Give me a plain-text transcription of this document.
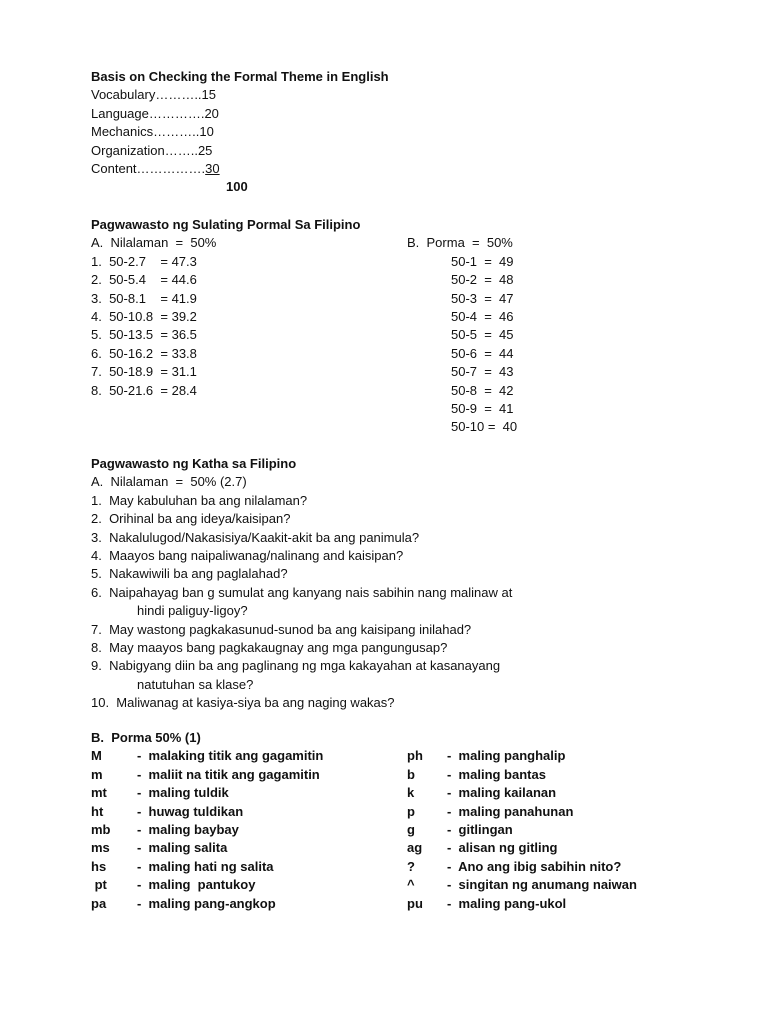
Basis on Checking the Formal Theme in English
Vocabulary………..15
Language………….20
Mechanics………..10
Organization……..25
Content…………….30
100
Pagwawasto ng Sulating Pormal Sa Filipino
A.  Nilalaman  =  50%	B.  Porma  =  50%
1.  50-2.7    = 47.3	50-1  =  49
2.  50-5.4    = 44.6	50-2  =  48
3.  50-8.1    = 41.9	50-3  =  47
4.  50-10.8  = 39.2	50-4  =  46
5.  50-13.5  = 36.5	50-5  =  45
6.  50-16.2  = 33.8	50-6  =  44
7.  50-18.9  = 31.1	50-7  =  43
8.  50-21.6  = 28.4	50-8  =  42
50-9  =  41
50-10 =  40
Pagwawasto ng Katha sa Filipino
A.  Nilalaman  =  50% (2.7)
1.  May kabuluhan ba ang nilalaman?
2.  Orihinal ba ang ideya/kaisipan?
3.  Nakalulugod/Nakasisiya/Kaakit-akit ba ang panimula?
4.  Maayos bang naipaliwanag/nalinang and kaisipan?
5.  Nakawiwili ba ang paglalahad?
6.  Naipahayag ban g sumulat ang kanyang nais sabihin nang malinaw at
hindi paliguy-ligoy?
7.  May wastong pagkakasunud-sunod ba ang kaisipang inilahad?
8.  May maayos bang pagkakaugnay ang mga pangungusap?
9.  Nabigyang diin ba ang paglinang ng mga kakayahan at kasanayang
natutuhan sa klase?
10.  Maliwanag at kasiya-siya ba ang naging wakas?
B.  Porma 50% (1)
M	-  malaking titik ang gagamitin	ph -  maling panghalip
m	-  maliit na titik ang gagamitin	b -  maling bantas
mt -  maling tuldik	k	-  maling kailanan
ht	-  huwag tuldikan	p -  maling panahunan
mb -  maling baybay	g -  gitlingan
ms -  maling salita	ag -  alisan ng gitling
hs -  maling hati ng salita	? -  Ano ang ibig sabihin nito?
pt -  maling  pantukoy	^ -  singitan ng anumang naiwan
pa -  maling pang-angkop	pu -  maling pang-ukol
